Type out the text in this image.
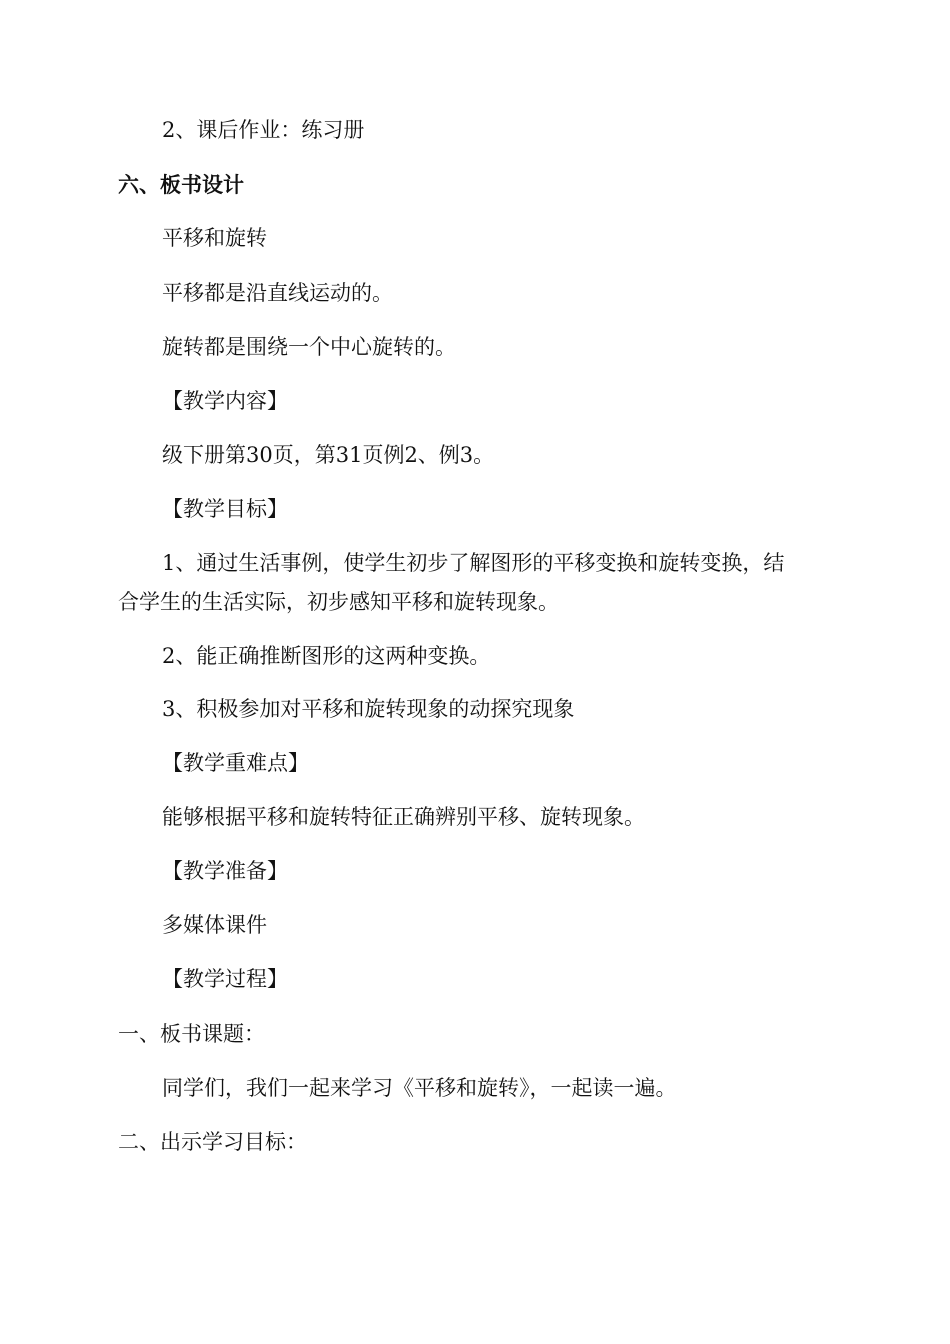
2、课后作业：练习册
六、板书设计
平移和旋转
平移都是沿直线运动的。
旋转都是围绕一个中心旋转的。
【教学内容】
级下册第30页，第31页例2、例3。
【教学目标】
1、通过生活事例，使学生初步了解图形的平移变换和旋转变换，结
合学生的生活实际，初步感知平移和旋转现象。
2、能正确推断图形的这两种变换。
3、积极参加对平移和旋转现象的动探究现象
【教学重难点】
能够根据平移和旋转特征正确辨别平移、旋转现象。
【教学准备】
多媒体课件
【教学过程】
一、板书课题：
同学们，我们一起来学习《平移和旋转》，一起读一遍。
二、出示学习目标：
